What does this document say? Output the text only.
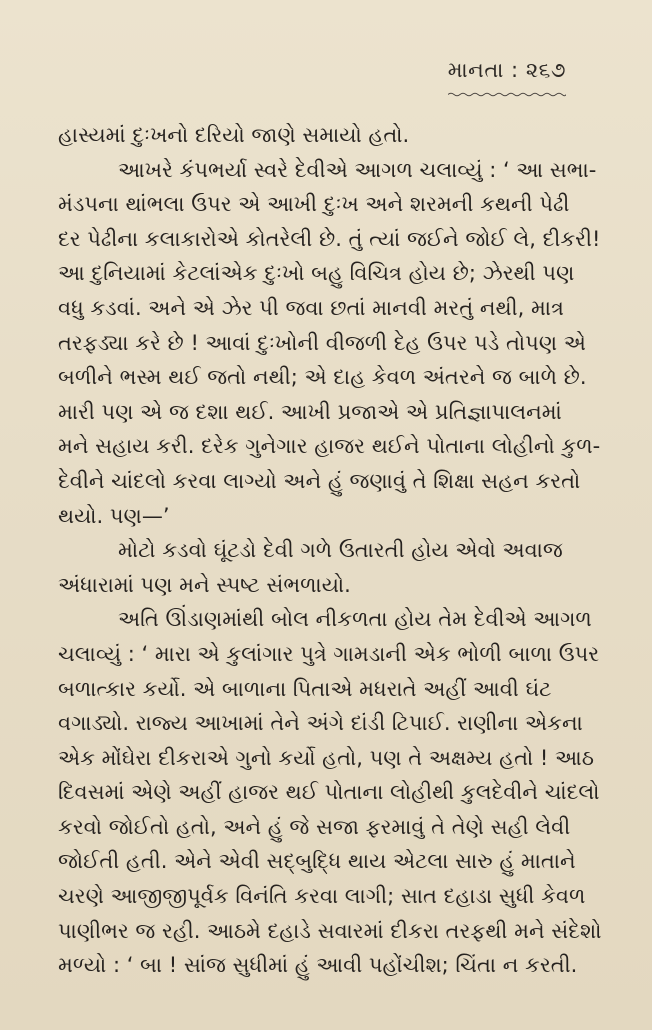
માનતા : ૨૬૭

હાસ્યમાં દુઃખનો દરિયો જાણે સમાયો હતો.

આખરે કંપભર્યા સ્વરે દેવીએ આગળ ચલાવ્યું : ‘ આ સભા-
મંડપના થાંભલા ઉપર એ આખી દુઃખ અને શરમની કથની પેઢી
દર પેઢીના કલાકારોએ કોતરેલી છે. તું ત્યાં જઈને જોઈ લે, દીકરી!
આ દુનિયામાં કેટલાંએક દુઃખો બહુ વિચિત્ર હોય છે; ઝેરથી પણ
વધુ કડવાં. અને એ ઝેર પી જવા છતાં માનવી મરતું નથી, માત્ર
તરફડ્યા કરે છે ! આવાં દુઃખોની વીજળી દેહ ઉપર પડે તોપણ એ
બળીને ભસ્મ થઈ જતો નથી; એ દાહ કેવળ અંતરને જ બાળે છે.
મારી પણ એ જ દશા થઈ. આખી પ્રજાએ એ પ્રતિજ્ઞાપાલનમાં
મને સહાય કરી. દરેક ગુનેગાર હાજર થઈને પોતાના લોહીનો કુળ-
દેવીને ચાંદલો કરવા લાગ્યો અને હું જણાવું તે શિક્ષા સહન કરતો
થયો. પણ—’

મોટો કડવો ઘૂંટડો દેવી ગળે ઉતારતી હોય એવો અવાજ
અંધારામાં પણ મને સ્પષ્ટ સંભળાયો.

અતિ ઊંડાણમાંથી બોલ નીકળતા હોય તેમ દેવીએ આગળ
ચલાવ્યું : ‘ મારા એ કુલાંગાર પુત્રે ગામડાની એક ભોળી બાળા ઉપર
બળાત્કાર કર્યો. એ બાળાના પિતાએ મધરાતે અહીં આવી ઘંટ
વગાડ્યો. રાજ્ય આખામાં તેને અંગે દાંડી ટિપાઈ. રાણીના એકના
એક મોંઘેરા દીકરાએ ગુનો કર્યો હતો, પણ તે અક્ષમ્ય હતો ! આઠ
દિવસમાં એણે અહીં હાજર થઈ પોતાના લોહીથી કુલદેવીને ચાંદલો
કરવો જોઈતો હતો, અને હું જે સજા ફરમાવું તે તેણે સહી લેવી
જોઈતી હતી. એને એવી સદ્બુદ્ધિ થાય એટલા સારુ હું માતાને
ચરણે આજીજીપૂર્વક વિનંતિ કરવા લાગી; સાત દહાડા સુધી કેવળ
પાણીભર જ રહી. આઠમે દહાડે સવારમાં દીકરા તરફથી મને સંદેશો
મળ્યો : ‘ બા ! સાંજ સુધીમાં હું આવી પહોંચીશ; ચિંતા ન કરતી.
